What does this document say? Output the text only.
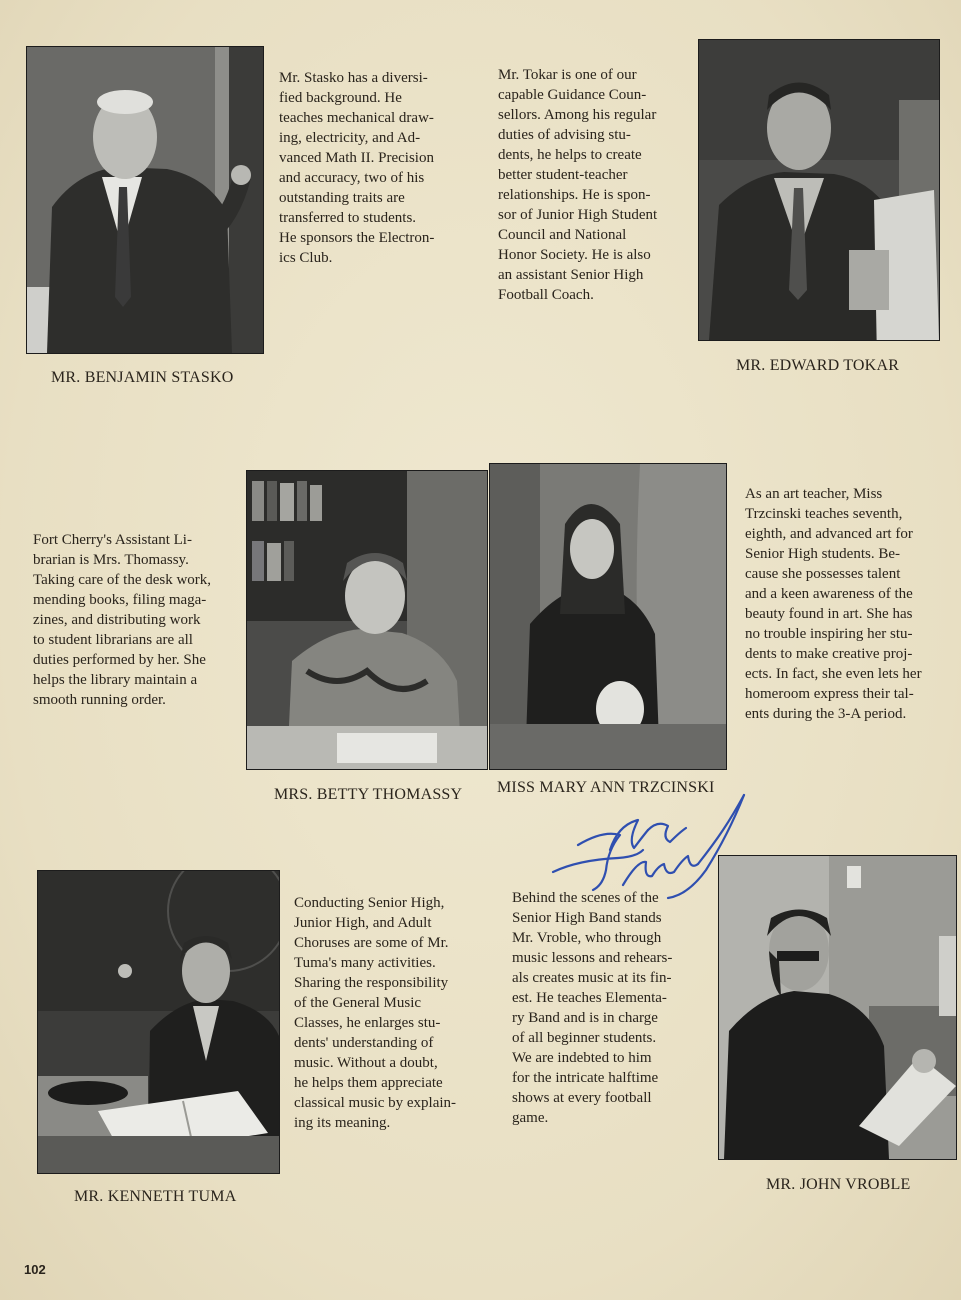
Mr. Stasko has a diversi-
fied background. He
teaches mechanical draw-
ing, electricity, and Ad-
vanced Math II. Precision
and accuracy, two of his
outstanding traits are
transferred to students.
He sponsors the Electron-
ics Club.

MR. BENJAMIN STASKO

Mr. Tokar is one of our
capable Guidance Coun-
sellors. Among his regular
duties of advising stu-
dents, he helps to create
better student-teacher
relationships. He is spon-
sor of Junior High Student
Council and National
Honor Society. He is also
an assistant Senior High
Football Coach.

MR. EDWARD TOKAR

Fort Cherry's Assistant Li-
brarian is Mrs. Thomassy.
Taking care of the desk work,
mending books, filing maga-
zines, and distributing work
to student librarians are all
duties performed by her. She
helps the library maintain a
smooth running order.

As an art teacher, Miss
Trzcinski teaches seventh,
eighth, and advanced art for
Senior High students. Be-
cause she possesses talent
and a keen awareness of the
beauty found in art. She has
no trouble inspiring her stu-
dents to make creative proj-
ects. In fact, she even lets her
homeroom express their tal-
ents during the 3-A period.

MRS. BETTY THOMASSY MISS MARY ANN TRZCINSKI

Conducting Senior High,
Junior High, and Adult
Choruses are some of Mr.
Tuma's many activities.
Sharing the responsibility
of the General Music
Classes, he enlarges stu-
dents' understanding of
music. Without a doubt,
he helps them appreciate
classical music by explain-
ing its meaning.

MR. KENNETH TUMA

Behind the scenes of the
Senior High Band stands
Mr. Vroble, who through
music lessons and rehears-
als creates music at its fin-
est. He teaches Elementa-
ry Band and is in charge
of all beginner students.
We are indebted to him
for the intricate halftime
shows at every football
game.

MR. JOHN VROBLE

102
